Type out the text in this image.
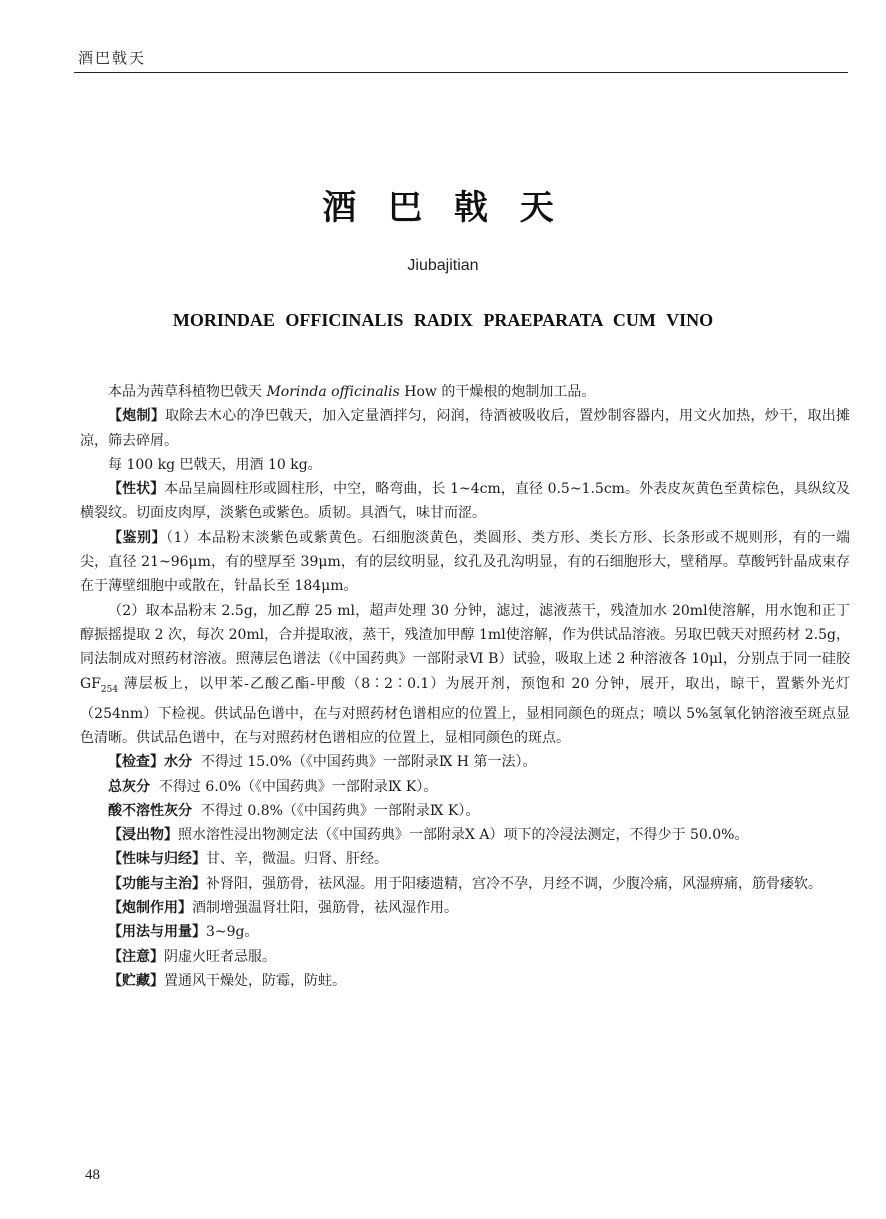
酒巴戟天
酒 巴 戟 天
Jiubajitian
MORINDAE OFFICINALIS RADIX PRAEPARATA CUM VINO

本品为茜草科植物巴戟天 Morinda officinalis How 的干燥根的炮制加工品。

【炮制】取除去木心的净巴戟天，加入定量酒拌匀，闷润，待酒被吸收后，置炒制容器内，用文火加热，炒干，取出摊凉，筛去碎屑。

每 100 kg 巴戟天，用酒 10 kg。

【性状】本品呈扁圆柱形或圆柱形，中空，略弯曲，长 1~4cm，直径 0.5~1.5cm。外表皮灰黄色至黄棕色，具纵纹及横裂纹。切面皮肉厚，淡紫色或紫色。质韧。具酒气，味甘而涩。

【鉴别】（1）本品粉末淡紫色或紫黄色。石细胞淡黄色，类圆形、类方形、类长方形、长条形或不规则形，有的一端尖，直径 21~96μm，有的壁厚至 39μm，有的层纹明显，纹孔及孔沟明显，有的石细胞形大，壁稍厚。草酸钙针晶成束存在于薄壁细胞中或散在，针晶长至 184μm。

（2）取本品粉末 2.5g，加乙醇 25 ml，超声处理 30 分钟，滤过，滤液蒸干，残渣加水 20ml使溶解，用水饱和正丁醇振摇提取 2 次，每次 20ml，合并提取液，蒸干，残渣加甲醇 1ml使溶解，作为供试品溶液。另取巴戟天对照药材 2.5g，同法制成对照药材溶液。照薄层色谱法（《中国药典》一部附录Ⅵ B）试验，吸取上述 2 种溶液各 10μl，分别点于同一硅胶 $GF_{254}$ 薄层板上，以甲苯-乙酸乙酯-甲酸（8∶2∶0.1）为展开剂，预饱和 20 分钟，展开，取出，晾干，置紫外光灯（254nm）下检视。供试品色谱中，在与对照药材色谱相应的位置上，显相同颜色的斑点；喷以 5%氢氧化钠溶液至斑点显色清晰。供试品色谱中，在与对照药材色谱相应的位置上，显相同颜色的斑点。

【检查】水分 不得过 15.0%（《中国药典》一部附录Ⅸ H 第一法）。

总灰分 不得过 6.0%（《中国药典》一部附录Ⅸ K）。

酸不溶性灰分 不得过 0.8%（《中国药典》一部附录Ⅸ K）。

【浸出物】照水溶性浸出物测定法（《中国药典》一部附录Ⅹ A）项下的冷浸法测定，不得少于 50.0%。

【性味与归经】甘、辛，微温。归肾、肝经。

【功能与主治】补肾阳，强筋骨，祛风湿。用于阳痿遗精，宫冷不孕，月经不调，少腹冷痛，风湿痹痛，筋骨痿软。

【炮制作用】酒制增强温肾壮阳，强筋骨，祛风湿作用。

【用法与用量】3~9g。

【注意】阴虚火旺者忌服。

【贮藏】置通风干燥处，防霉，防蛀。

48
